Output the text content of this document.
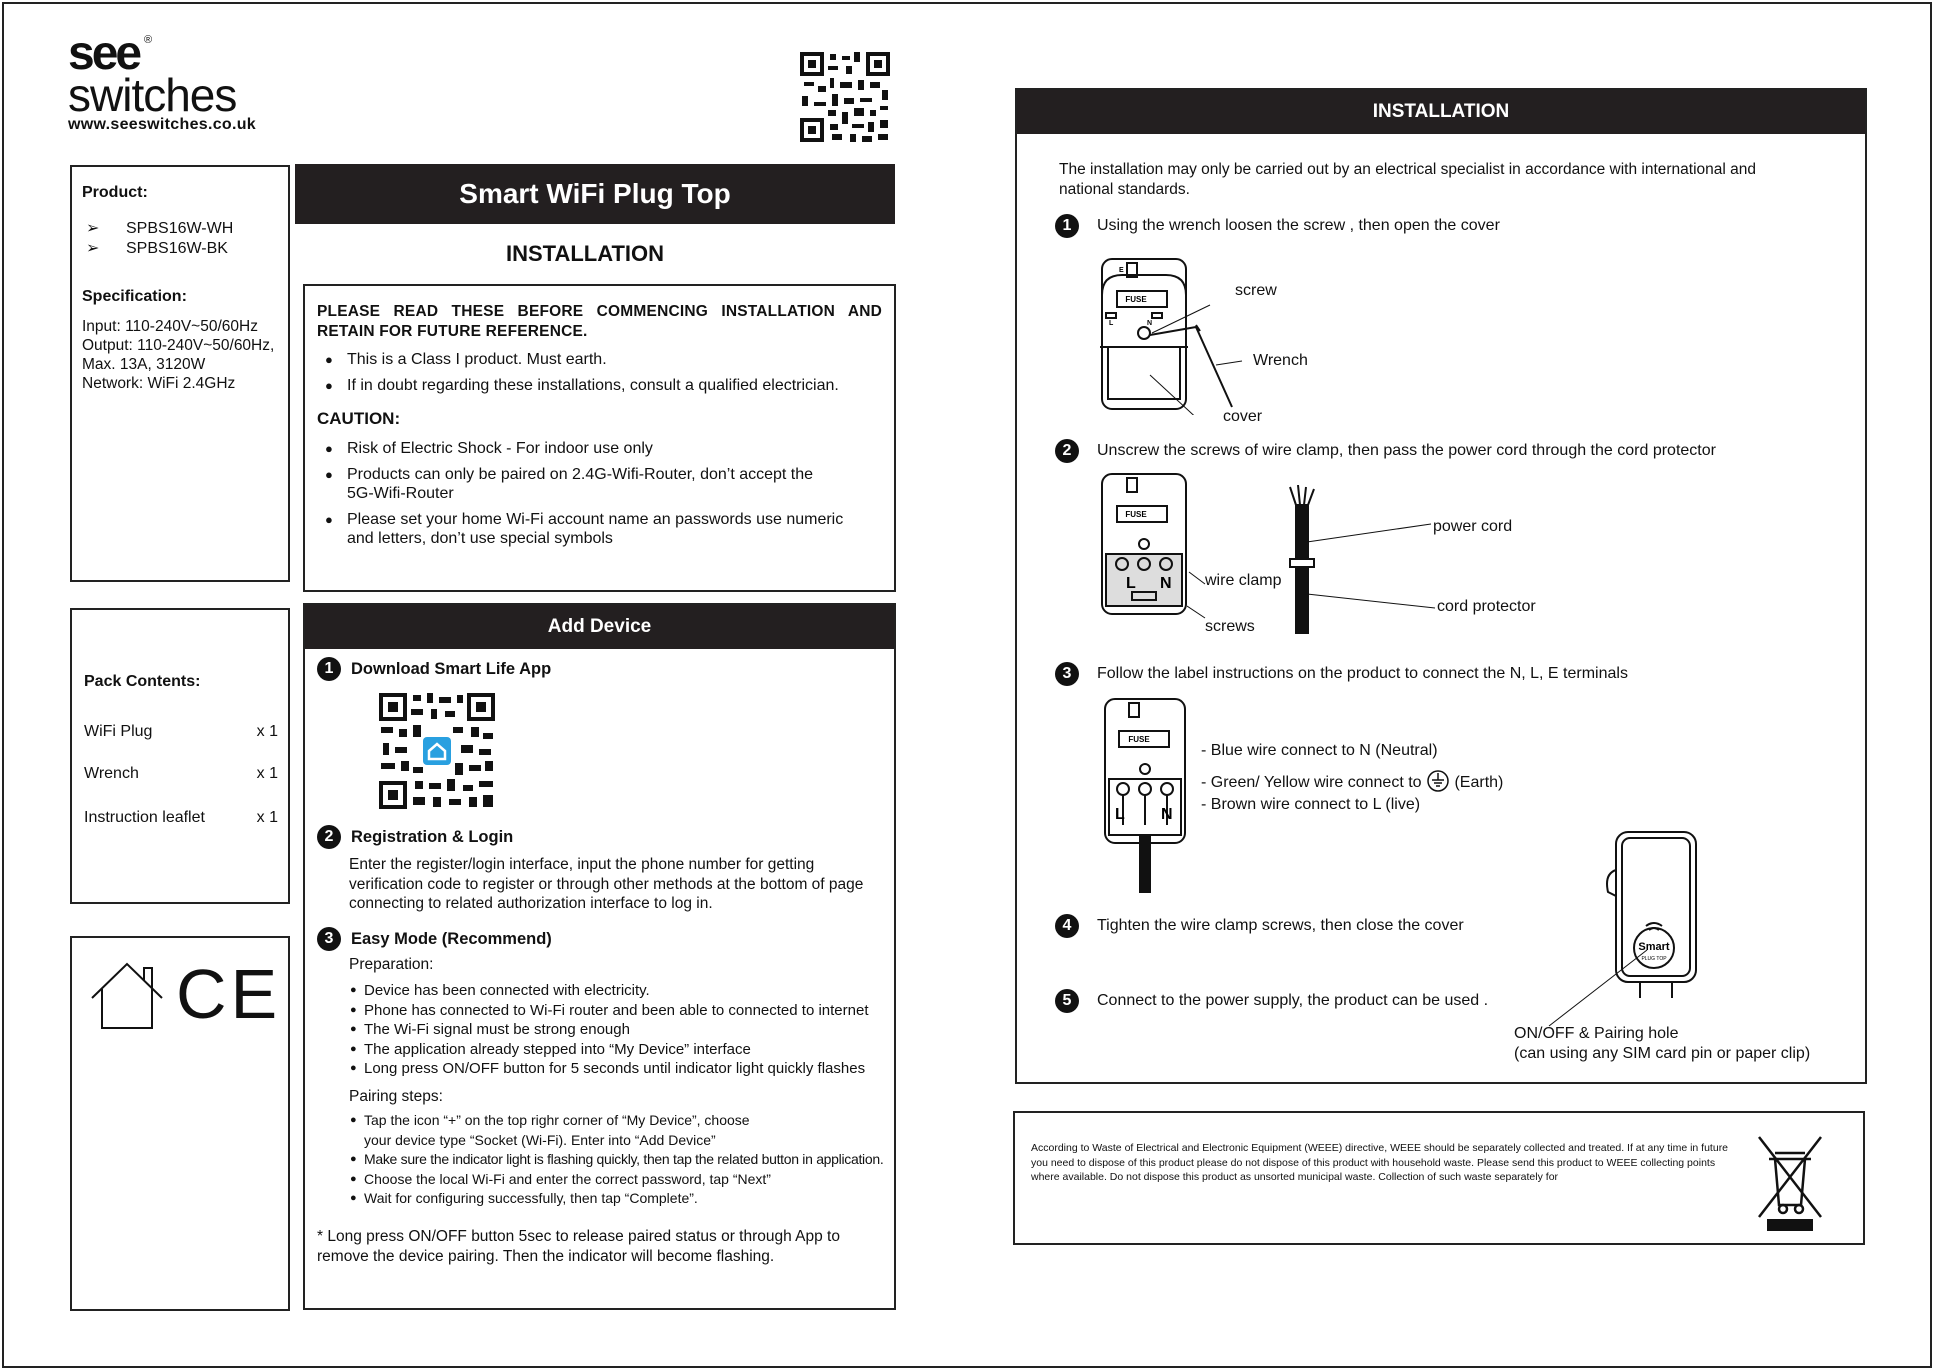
see ®
switches
www.seeswitches.co.uk
Product:
➢ SPBS16W-WH
➢ SPBS16W-BK
Specification:
Input: 110-240V~50/60Hz
Output: 110-240V~50/60Hz,
Max. 13A, 3120W
Network: WiFi 2.4GHz
Pack Contents:
WiFi Plug	x 1
Wrench	x 1
Instruction leaflet	x 1
CE
Smart WiFi Plug Top
INSTALLATION
PLEASE READ THESE BEFORE COMMENCING INSTALLATION AND RETAIN FOR FUTURE REFERENCE.
● This is a Class I product. Must earth.
● If in doubt regarding these installations, consult a qualified electrician.
CAUTION:
● Risk of Electric Shock - For indoor use only
● Products can only be paired on 2.4G-Wifi-Router, don’t accept the 5G-Wifi-Router
● Please set your home Wi-Fi account name an passwords use numeric and letters, don’t use special symbols
Add Device
1	Download Smart Life App
2	Registration & Login
Enter the register/login interface, input the phone number for getting verification code to register or through other methods at the bottom of page connecting to related authorization interface to log in.
3	Easy Mode (Recommend)
Preparation:
● Device has been connected with electricity.
● Phone has connected to Wi-Fi router and been able to connected to internet
● The Wi-Fi signal must be strong enough
● The application already stepped into “My Device” interface
● Long press ON/OFF button for 5 seconds until indicator light quickly flashes
Pairing steps:
● Tap the icon “+” on the top righr corner of “My Device”, choose your device type “Socket (Wi-Fi). Enter into “Add Device”
● Make sure the indicator light is flashing quickly, then tap the related button in application.
● Choose the local Wi-Fi and enter the correct password, tap “Next”
● Wait for configuring successfully, then tap “Complete”.
* Long press ON/OFF button 5sec to release paired status or through App to remove the device pairing. Then the indicator will become flashing.
INSTALLATION
The installation may only be carried out by an electrical specialist in accordance with international and national standards.
1	Using the wrench loosen the screw , then open the cover
FUSE
L	N
E
screw
Wrench
cover
2	Unscrew the screws of wire clamp, then pass the power cord through the cord protector
FUSE
L N wire clamp
screws
power cord
cord protector
3	Follow the label instructions on the product to connect the N, L, E terminals
FUSE
L N
- Blue wire connect to N (Neutral)
- Green/ Yellow wire connect to (Earth)
- Brown wire connect to L (live)
Smart
PLUG TOP
4	Tighten the wire clamp screws, then close the cover
5	Connect to the power supply, the product can be used .
ON/OFF & Pairing hole
(can using any SIM card pin or paper clip)
According to Waste of Electrical and Electronic Equipment (WEEE) directive, WEEE should be separately collected and treated. If at any time in future you need to dispose of this product please do not dispose of this product with household waste. Please send this product to WEEE collecting points where available. Do not dispose this product as unsorted municipal waste. Collection of such waste separately for
